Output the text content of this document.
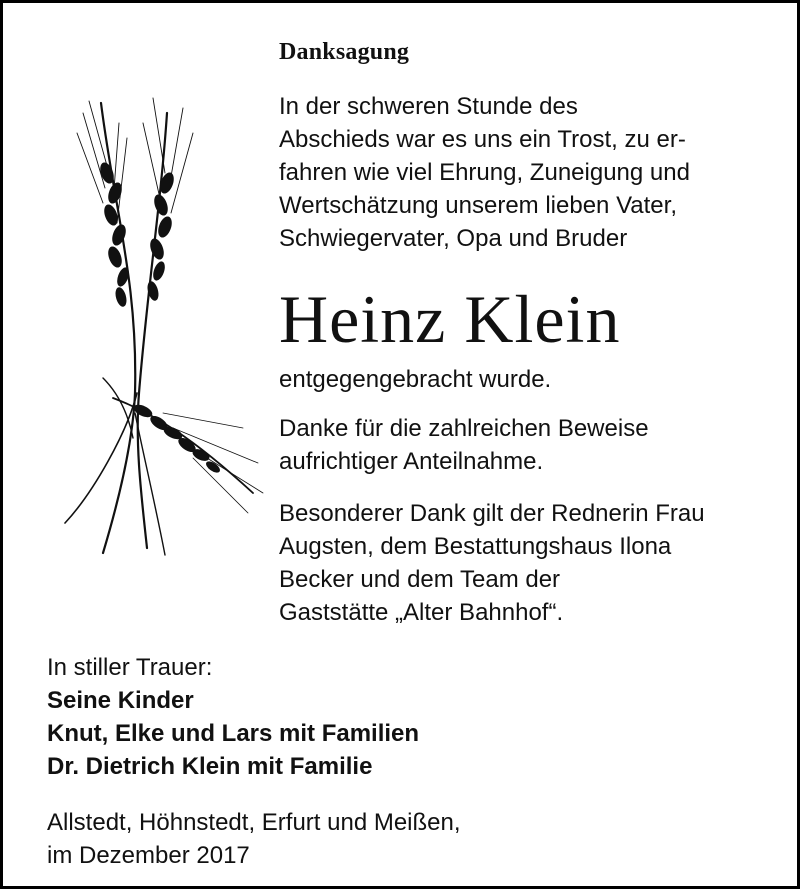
Danksagung

In der schweren Stunde des
Abschieds war es uns ein Trost, zu er-
fahren wie viel Ehrung, Zuneigung und
Wertschätzung unserem lieben Vater,
Schwiegervater, Opa und Bruder

Heinz Klein

entgegengebracht wurde.

Danke für die zahlreichen Beweise
aufrichtiger Anteilnahme.

Besonderer Dank gilt der Rednerin Frau
Augsten, dem Bestattungshaus Ilona
Becker und dem Team der
Gaststätte „Alter Bahnhof“.

In stiller Trauer:
Seine Kinder
Knut, Elke und Lars mit Familien
Dr. Dietrich Klein mit Familie
Allstedt, Höhnstedt, Erfurt und Meißen,
im Dezember 2017
